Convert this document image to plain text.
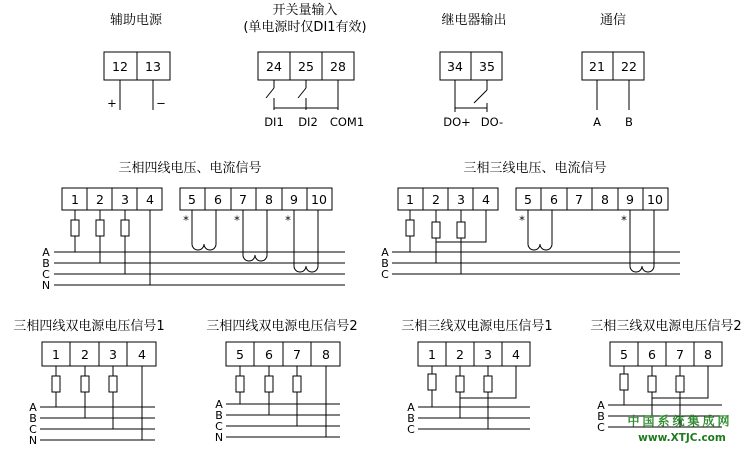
辅助电源
12 13
+	−
开关量输入
(单电源时仅DI1有效)
24 25 28
DI1 DI2 COM1
继电器输出
34 35
DO+ DO-
通信
21 22
A B
三相四线电压、电流信号
1 2 3 4	5 6 7 8 9 10
A
B
C
N
*	*	*
三相三线电压、电流信号
1 2 3 4	5 6 7 8 9 10
A
B
C
*	*
三相四线双电源电压信号1
1 2 3 4
A
B
C
N
三相四线双电源电压信号2
5 6 7 8
A
B
C
N
三相三线双电源电压信号1
1 2 3 4
A
B
C
三相三线双电源电压信号2
5 6 7 8
A
B
C 中国系统集成网
www.XTJC.com
